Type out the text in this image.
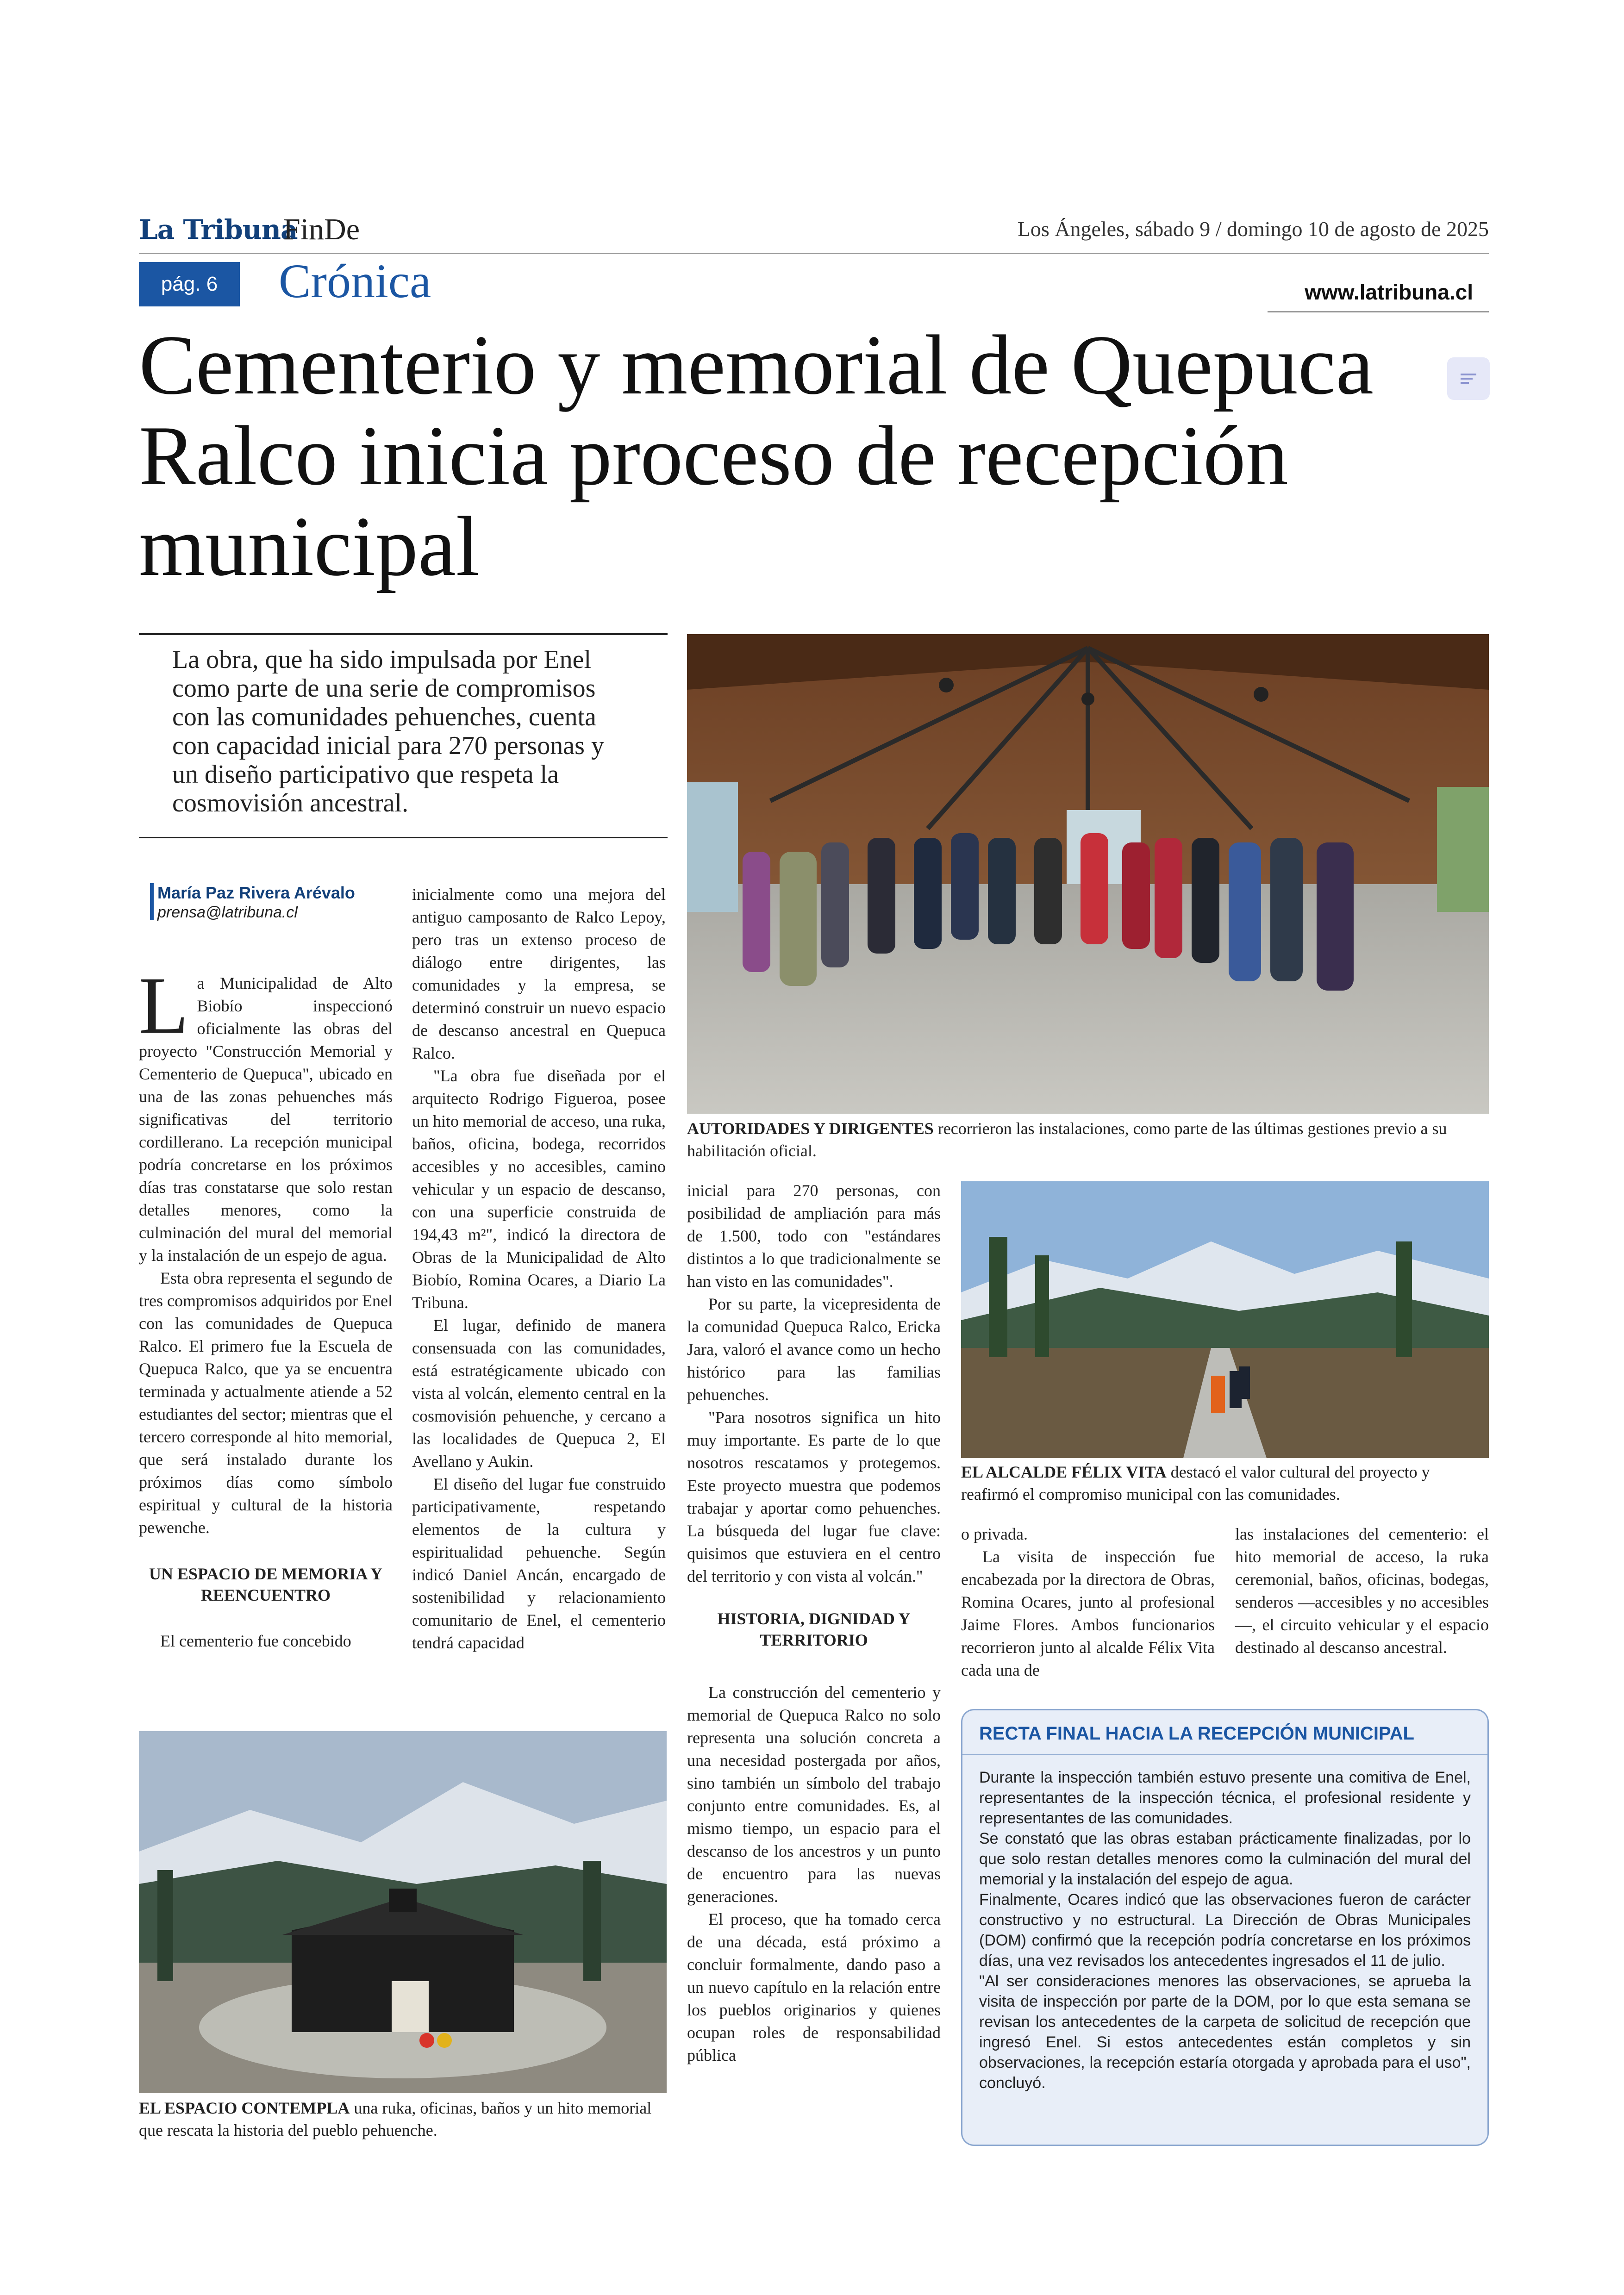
La Tribuna
FinDe	Los Ángeles, sábado 9 / domingo 10 de agosto de 2025
pág. 6	Crónica	www.latribuna.cl
Cementerio y memorial de Quepuca Ralco inicia proceso de recepción municipal
La obra, que ha sido impulsada por Enel como parte de una serie de compromisos con las comunidades pehuenches, cuenta con capacidad inicial para 270 personas y un diseño participativo que respeta la cosmovisión ancestral.
AUTORIDADES Y DIRIGENTES recorrieron las instalaciones, como parte de las últimas gestiones previo a su habilitación oficial.
EL ALCALDE FÉLIX VITA destacó el valor cultural del proyecto y reafirmó el compromiso municipal con las comunidades.
EL ESPACIO CONTEMPLA una ruka, oficinas, baños y un hito memorial que rescata la historia del pueblo pehuenche.
María Paz Rivera Arévalo
prensa@latribuna.cl

La Municipalidad de Alto Biobío inspeccionó oficialmente las obras del proyecto "Construcción Memorial y Cementerio de Quepuca", ubicado en una de las zonas pehuenches más significativas del territorio cordillerano. La recepción municipal podría concretarse en los próximos días tras constatarse que solo restan detalles menores, como la culminación del mural del memorial y la instalación de un espejo de agua.

Esta obra representa el segundo de tres compromisos adquiridos por Enel con las comunidades de Quepuca Ralco. El primero fue la Escuela de Quepuca Ralco, que ya se encuentra terminada y actualmente atiende a 52 estudiantes del sector; mientras que el tercero corresponde al hito memorial, que será instalado durante los próximos días como símbolo espiritual y cultural de la historia pewenche.

UN ESPACIO DE MEMORIA Y REENCUENTRO

El cementerio fue concebido

inicialmente como una mejora del antiguo camposanto de Ralco Lepoy, pero tras un extenso proceso de diálogo entre dirigentes, las comunidades y la empresa, se determinó construir un nuevo espacio de descanso ancestral en Quepuca Ralco.

"La obra fue diseñada por el arquitecto Rodrigo Figueroa, posee un hito memorial de acceso, una ruka, baños, oficina, bodega, recorridos accesibles y no accesibles, camino vehicular y un espacio de descanso, con una superficie construida de 194,43 m²", indicó la directora de Obras de la Municipalidad de Alto Biobío, Romina Ocares, a Diario La Tribuna.

El lugar, definido de manera consensuada con las comunidades, está estratégicamente ubicado con vista al volcán, elemento central en la cosmovisión pehuenche, y cercano a las localidades de Quepuca 2, El Avellano y Aukin.

El diseño del lugar fue construido participativamente, respetando elementos de la cultura y espiritualidad pehuenche. Según indicó Daniel Ancán, encargado de sostenibilidad y relacionamiento comunitario de Enel, el cementerio tendrá capacidad

inicial para 270 personas, con posibilidad de ampliación para más de 1.500, todo con "estándares distintos a lo que tradicionalmente se han visto en las comunidades".

Por su parte, la vicepresidenta de la comunidad Quepuca Ralco, Ericka Jara, valoró el avance como un hecho histórico para las familias pehuenches.

"Para nosotros significa un hito muy importante. Es parte de lo que nosotros rescatamos y protegemos. Este proyecto muestra que podemos trabajar y aportar como pehuenches. La búsqueda del lugar fue clave: quisimos que estuviera en el centro del territorio y con vista al volcán."

HISTORIA, DIGNIDAD Y TERRITORIO

La construcción del cementerio y memorial de Quepuca Ralco no solo representa una solución concreta a una necesidad postergada por años, sino también un símbolo del trabajo conjunto entre comunidades. Es, al mismo tiempo, un espacio para el descanso de los ancestros y un punto de encuentro para las nuevas generaciones.

El proceso, que ha tomado cerca de una década, está próximo a concluir formalmente, dando paso a un nuevo capítulo en la relación entre los pueblos originarios y quienes ocupan roles de responsabilidad pública

o privada.

La visita de inspección fue encabezada por la directora de Obras, Romina Ocares, junto al profesional Jaime Flores. Ambos funcionarios recorrieron junto al alcalde Félix Vita cada una de

las instalaciones del cementerio: el hito memorial de acceso, la ruka ceremonial, baños, oficinas, bodegas, senderos —accesibles y no accesibles—, el circuito vehicular y el espacio destinado al descanso ancestral.

RECTA FINAL HACIA LA RECEPCIÓN MUNICIPAL

Durante la inspección también estuvo presente una comitiva de Enel, representantes de la inspección técnica, el profesional residente y representantes de las comunidades.

Se constató que las obras estaban prácticamente finalizadas, por lo que solo restan detalles menores como la culminación del mural del memorial y la instalación del espejo de agua.

Finalmente, Ocares indicó que las observaciones fueron de carácter constructivo y no estructural. La Dirección de Obras Municipales (DOM) confirmó que la recepción podría concretarse en los próximos días, una vez revisados los antecedentes ingresados el 11 de julio.

"Al ser consideraciones menores las observaciones, se aprueba la visita de inspección por parte de la DOM, por lo que esta semana se revisan los antecedentes de la carpeta de solicitud de recepción que ingresó Enel. Si estos antecedentes están completos y sin observaciones, la recepción estaría otorgada y aprobada para el uso", concluyó.
